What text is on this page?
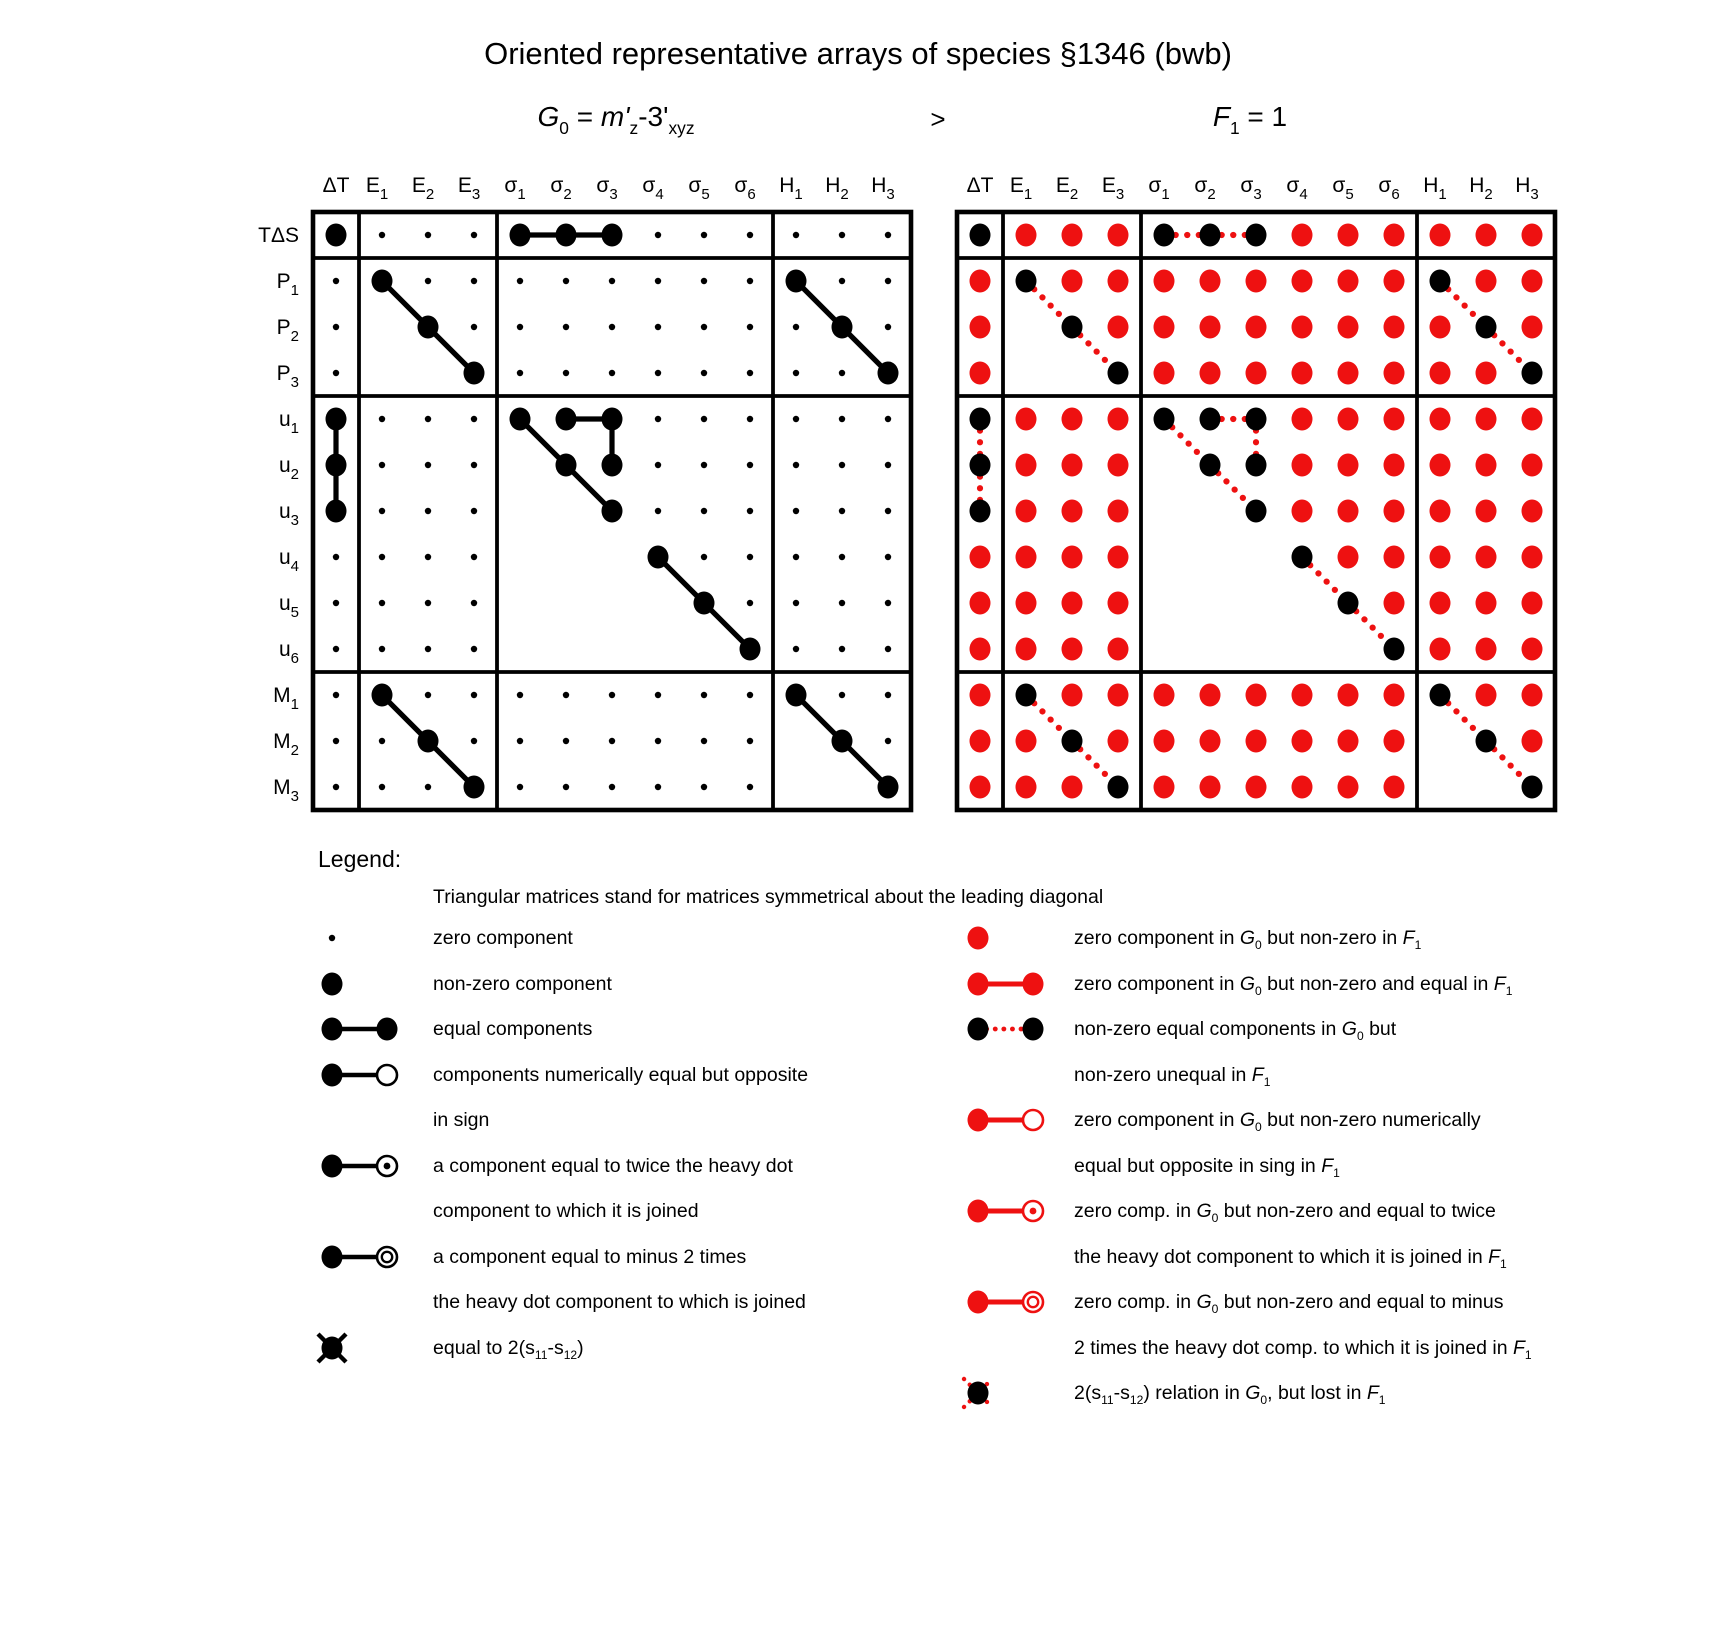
Oriented representative arrays of species §1346 (bwb)
$G_0 = m'_z-3'_{xyz}$	>	$F_1 = 1$
ΔT $E_1$ $E_2$ $E_3$ $\sigma_1$ $\sigma_2$ $\sigma_3$ $\sigma_4$ $\sigma_5$ $\sigma_6$ $H_1$ $H_2$ $H_3$
TΔS
$P_1$
$P_2$
$P_3$
$u_1$
$u_2$
$u_3$
$u_4$
$u_5$
$u_6$
$M_1$
$M_2$
$M_3$
ΔT $E_1$ $E_2$ $E_3$ $\sigma_1$ $\sigma_2$ $\sigma_3$ $\sigma_4$ $\sigma_5$ $\sigma_6$ $H_1$ $H_2$ $H_3$
Legend:
Triangular matrices stand for matrices symmetrical about the leading diagonal
zero component
non-zero component
equal components
components numerically equal but opposite
in sign
a component equal to twice the heavy dot
component to which it is joined
a component equal to minus 2 times
the heavy dot component to which is joined
equal to $2(s_{11}-s_{12})$
zero component in $G_0$ but non-zero in $F_1$
zero component in $G_0$ but non-zero and equal in $F_1$
non-zero equal components in $G_0$ but
non-zero unequal in $F_1$
zero component in $G_0$ but non-zero numerically
equal but opposite in sing in $F_1$
zero comp. in $G_0$ but non-zero and equal to twice
the heavy dot component to which it is joined in $F_1$
zero comp. in $G_0$ but non-zero and equal to minus
2 times the heavy dot comp. to which it is joined in $F_1$
$2(s_{11}-s_{12})$ relation in $G_0$, but lost in $F_1$
